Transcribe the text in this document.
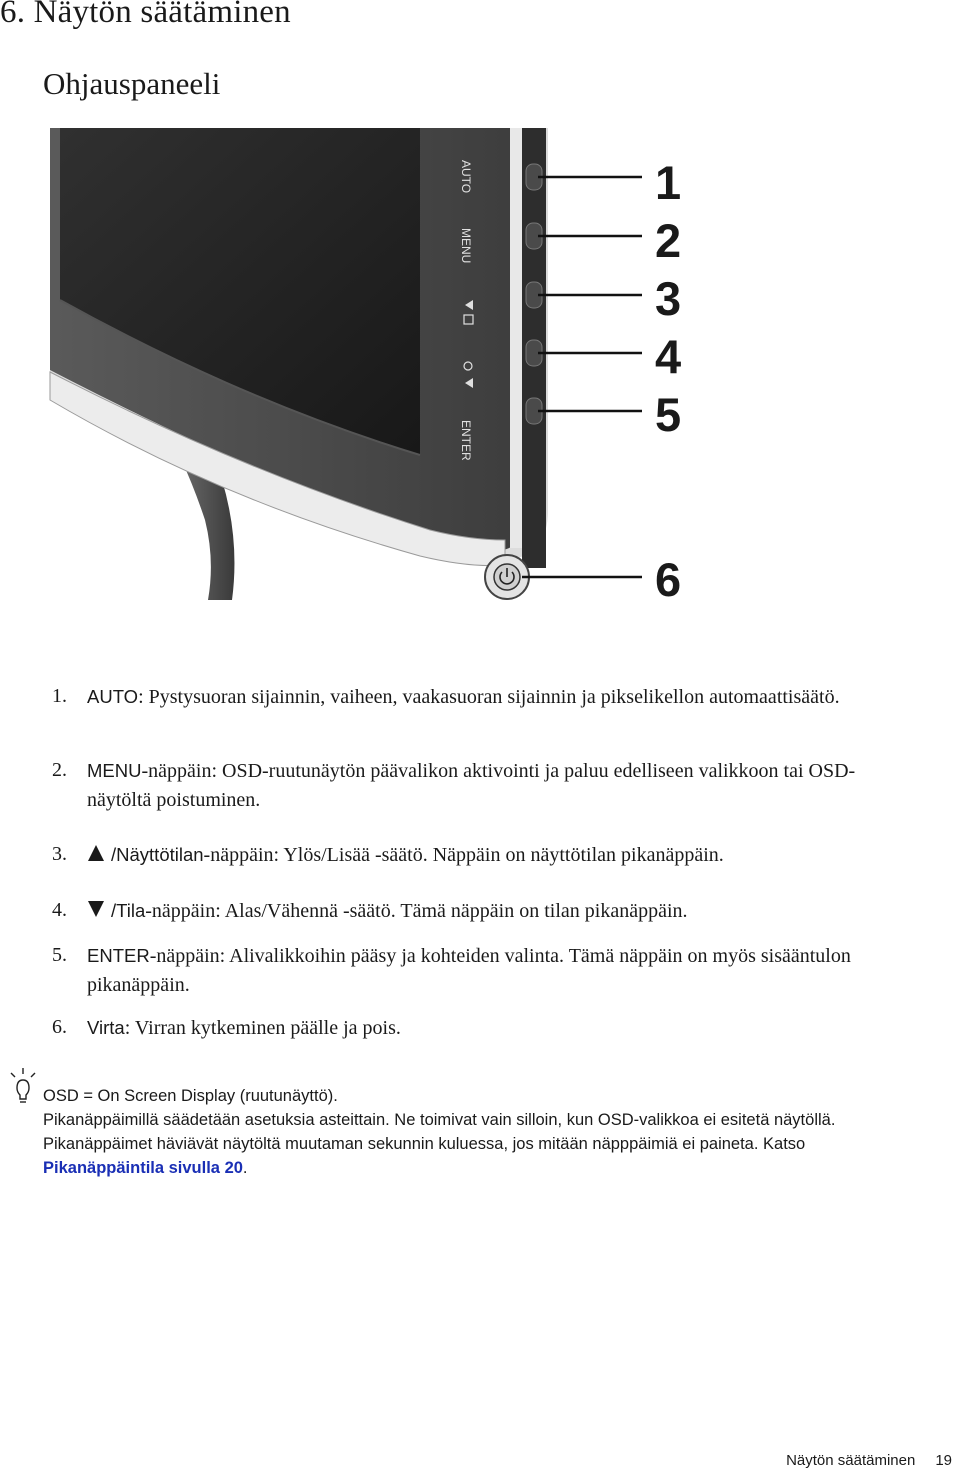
6. Näytön säätäminen
Ohjauspaneeli
AUTO
MENU
ENTER
1
2
3
4
5
6
1. AUTO: Pystysuoran sijainnin, vaiheen, vaakasuoran sijainnin ja pikselikellon automaattisäätö.
2. MENU-näppäin: OSD-ruutunäytön päävalikon aktivointi ja paluu edelliseen valikkoon tai OSD-näytöltä poistuminen.
3.	/Näyttötilan-näppäin: Ylös/Lisää -säätö. Näppäin on näyttötilan pikanäppäin.
4.	/Tila-näppäin: Alas/Vähennä -säätö. Tämä näppäin on tilan pikanäppäin.
5. ENTER-näppäin: Alivalikkoihin pääsy ja kohteiden valinta. Tämä näppäin on myös sisääntulon pikanäppäin.
6. Virta: Virran kytkeminen päälle ja pois.

OSD = On Screen Display (ruutunäyttö).

Pikanäppäimillä säädetään asetuksia asteittain. Ne toimivat vain silloin, kun OSD-valikkoa ei esitetä näytöllä. Pikanäppäimet häviävät näytöltä muutaman sekunnin kuluessa, jos mitään näpppäimiä ei paineta. Katso Pikanäppäintila sivulla 20.

Näytön säätäminen 19
